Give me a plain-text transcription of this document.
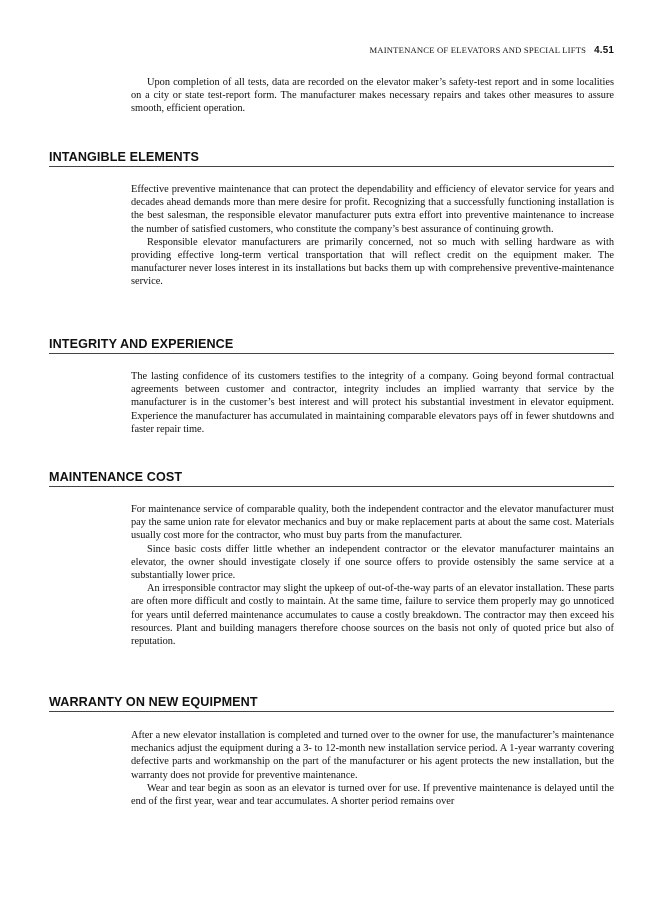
MAINTENANCE OF ELEVATORS AND SPECIAL LIFTS 4.51

Upon completion of all tests, data are recorded on the elevator maker’s safety-test report and in some localities on a city or state test-report form. The manufacturer makes necessary repairs and takes other measures to assure smooth, efficient operation.

INTANGIBLE ELEMENTS

Effective preventive maintenance that can protect the dependability and efficiency of elevator service for years and decades ahead demands more than mere desire for profit. Recognizing that a successfully functioning installation is the best salesman, the responsible elevator manufacturer puts extra effort into preventive maintenance to increase the number of satisfied customers, who constitute the company’s best assurance of continuing growth.

Responsible elevator manufacturers are primarily concerned, not so much with selling hardware as with providing effective long-term vertical transportation that will reflect credit on the equipment maker. The manufacturer never loses interest in its installations but backs them up with comprehensive preventive-maintenance service.

INTEGRITY AND EXPERIENCE

The lasting confidence of its customers testifies to the integrity of a company. Going beyond formal contractual agreements between customer and contractor, integrity includes an implied warranty that service by the manufacturer is in the customer’s best interest and will protect his substantial investment in elevator equipment. Experience the manufacturer has accumulated in maintaining comparable elevators pays off in fewer shutdowns and faster repair time.

MAINTENANCE COST

For maintenance service of comparable quality, both the independent contractor and the elevator manufacturer must pay the same union rate for elevator mechanics and buy or make replacement parts at about the same cost. Materials usually cost more for the contractor, who must buy parts from the manufacturer.

Since basic costs differ little whether an independent contractor or the elevator manufacturer maintains an elevator, the owner should investigate closely if one source offers to provide ostensibly the same service at a substantially lower price.

An irresponsible contractor may slight the upkeep of out-of-the-way parts of an elevator installation. These parts are often more difficult and costly to maintain. At the same time, failure to service them properly may go unnoticed for years until deferred maintenance accumulates to cause a costly breakdown. The contractor may then exceed his resources. Plant and building managers therefore choose sources on the basis not only of quoted price but also of reputation.

WARRANTY ON NEW EQUIPMENT

After a new elevator installation is completed and turned over to the owner for use, the manufacturer’s maintenance mechanics adjust the equipment during a 3- to 12-month new installation service period. A 1-year warranty covering defective parts and workmanship on the part of the manufacturer or his agent protects the new installation, but the warranty does not provide for preventive maintenance.

Wear and tear begin as soon as an elevator is turned over for use. If preventive maintenance is delayed until the end of the first year, wear and tear accumulates. A shorter period remains over
